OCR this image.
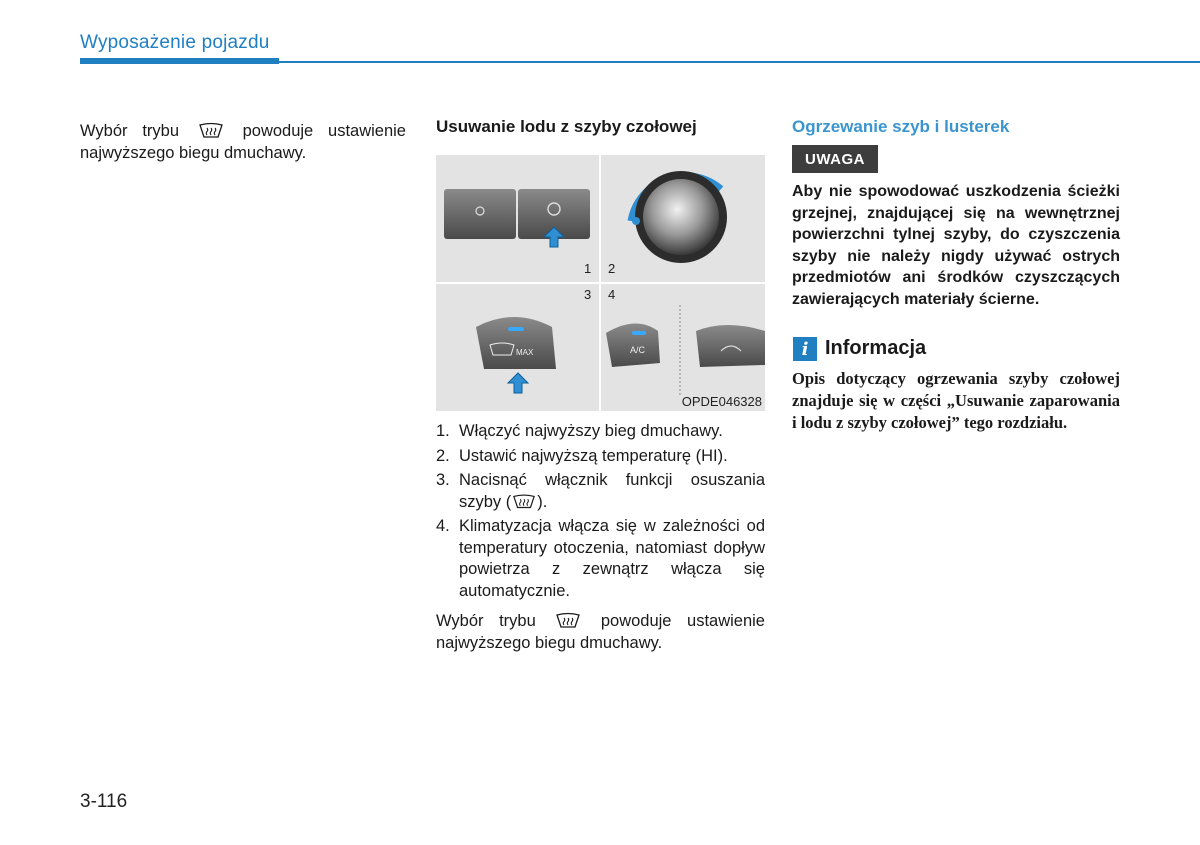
Wyposażenie pojazdu
Wybór trybu	powoduje ustawienie najwyższego biegu dmuchawy.
Usuwanie lodu z szyby czołowej
1 2
3 4
MAX	A/C
OPDE046328
1. Włączyć najwyższy bieg dmuchawy.
2. Ustawić najwyższą temperaturę (HI).
3. Nacisnąć włącznik funkcji osuszania szyby ( ).
4. Klimatyzacja włącza się w zależności od temperatury otoczenia, natomiast dopływ powietrza z zewnątrz włącza się automatycznie.
Wybór trybu	powoduje ustawienie najwyższego biegu dmuchawy.
Ogrzewanie szyb i lusterek
UWAGA
Aby nie spowodować uszkodzenia ścieżki grzejnej, znajdującej się na wewnętrznej powierzchni tylnej szyby, do czyszczenia szyby nie należy nigdy używać ostrych przedmiotów ani środków czyszczących zawierających materiały ścierne.
i Informacja
Opis dotyczący ogrzewania szyby czołowej znajduje się w części „Usuwanie zaparowania i lodu z szyby czołowej” tego rozdziału.
3-116
